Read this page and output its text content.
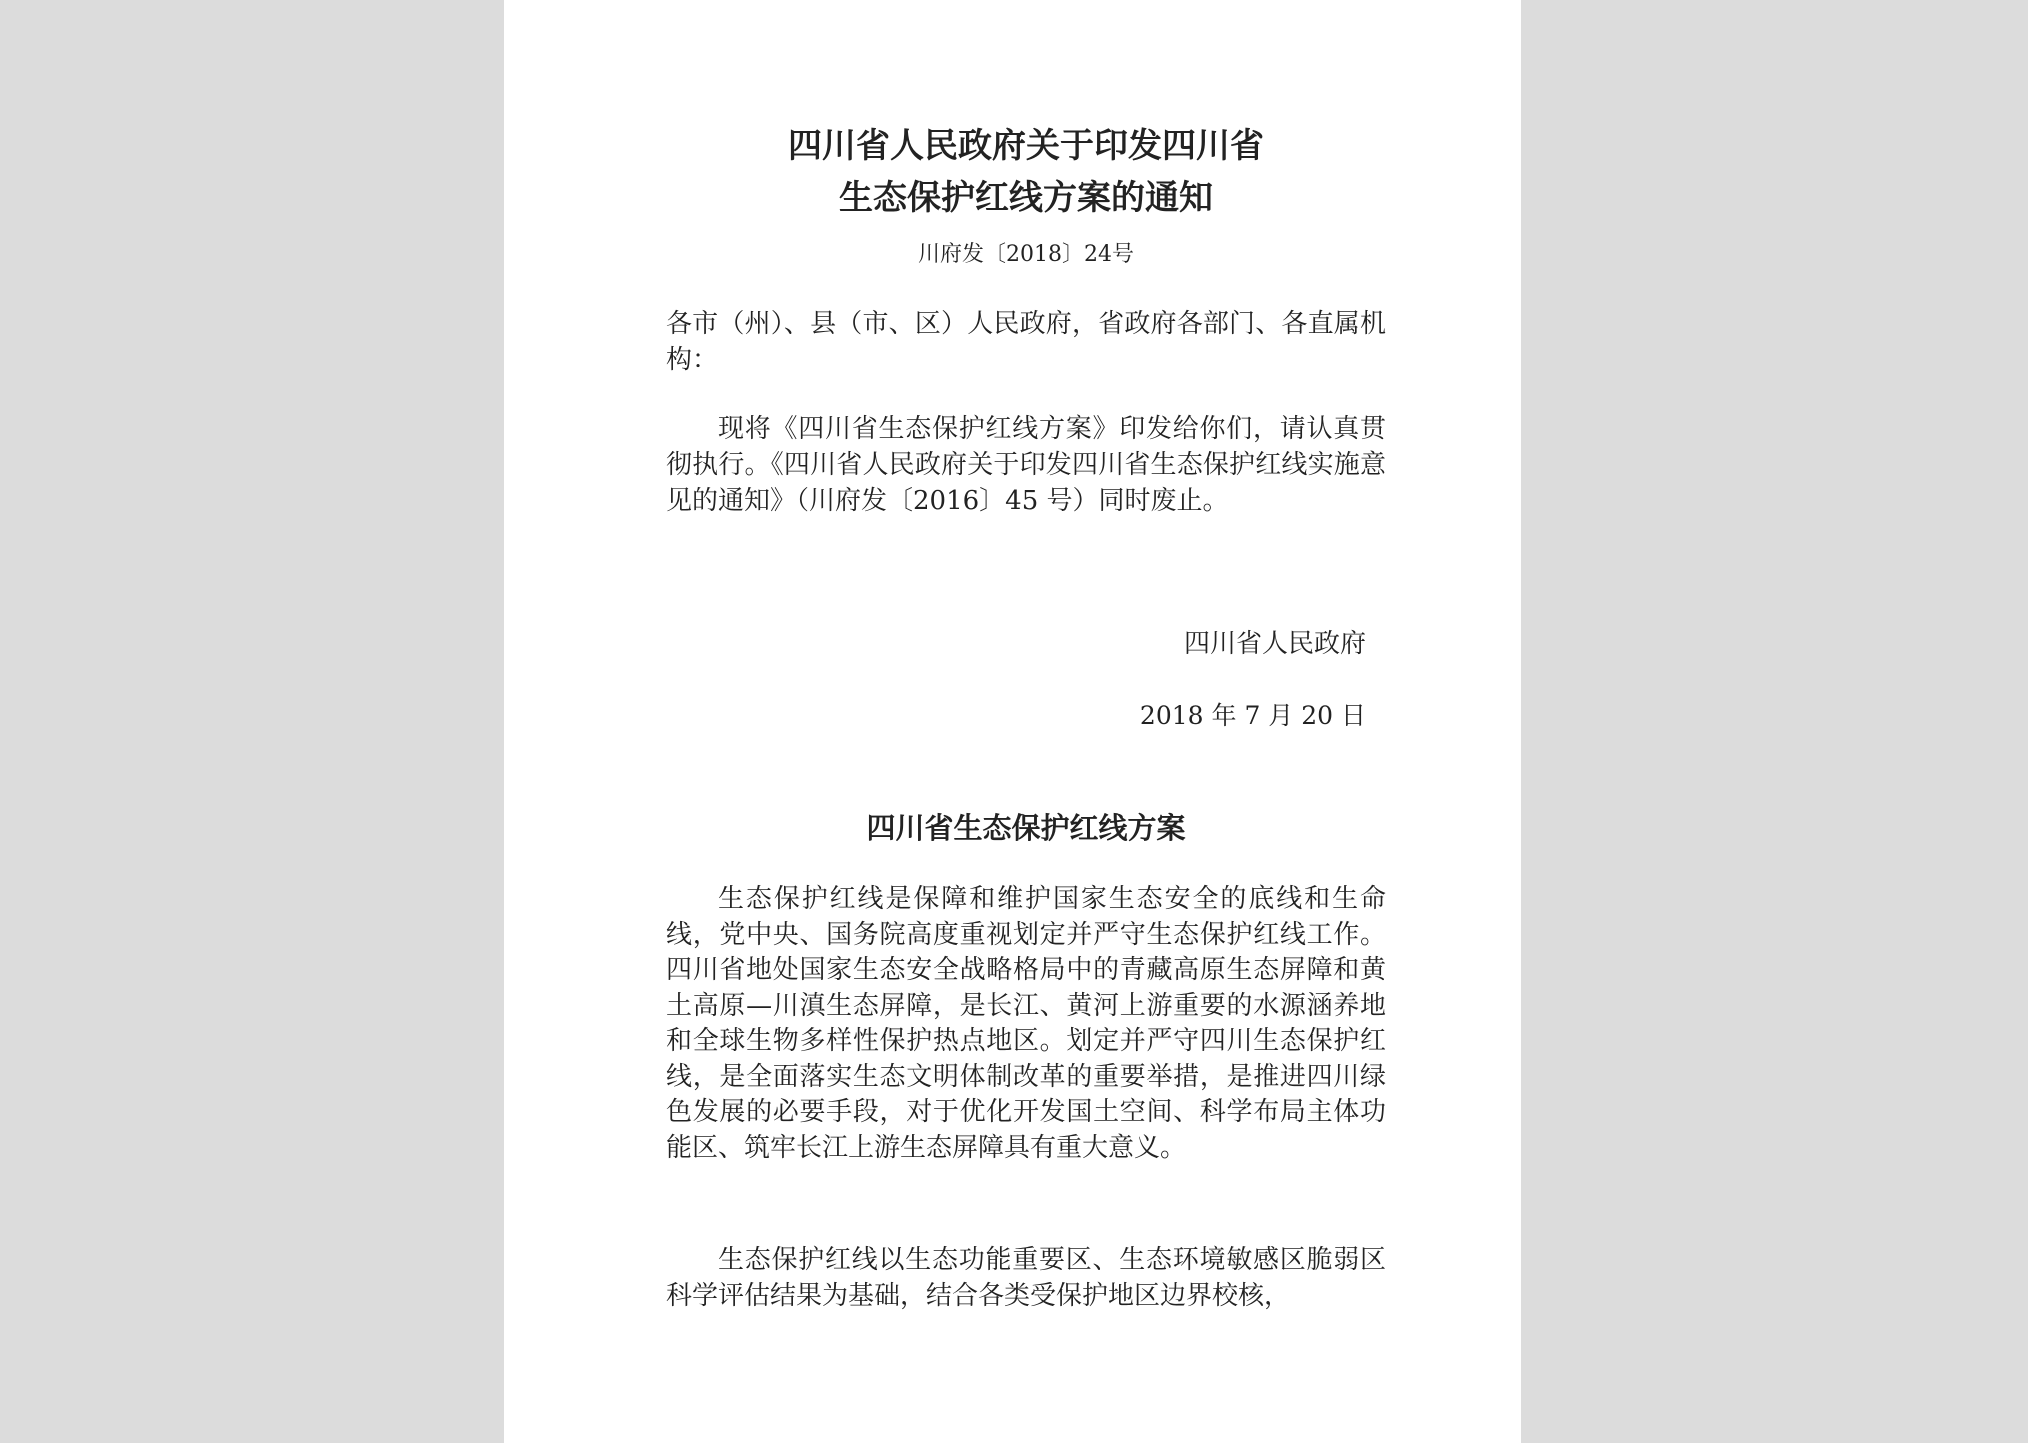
四川省人民政府关于印发四川省
生态保护红线方案的通知
川府发〔2018〕24号

各市（州）、县（市、区）人民政府，省政府各部门、各直属机构：

现将《四川省生态保护红线方案》印发给你们，请认真贯彻执行。《四川省人民政府关于印发四川省生态保护红线实施意见的通知》（川府发〔2016〕45 号）同时废止。

四川省人民政府
2018 年 7 月 20 日
四川省生态保护红线方案

生态保护红线是保障和维护国家生态安全的底线和生命线，党中央、国务院高度重视划定并严守生态保护红线工作。四川省地处国家生态安全战略格局中的青藏高原生态屏障和黄土高原—川滇生态屏障，是长江、黄河上游重要的水源涵养地和全球生物多样性保护热点地区。划定并严守四川生态保护红线，是全面落实生态文明体制改革的重要举措，是推进四川绿色发展的必要手段，对于优化开发国土空间、科学布局主体功能区、筑牢长江上游生态屏障具有重大意义。

生态保护红线以生态功能重要区、生态环境敏感区脆弱区科学评估结果为基础，结合各类受保护地区边界校核，
